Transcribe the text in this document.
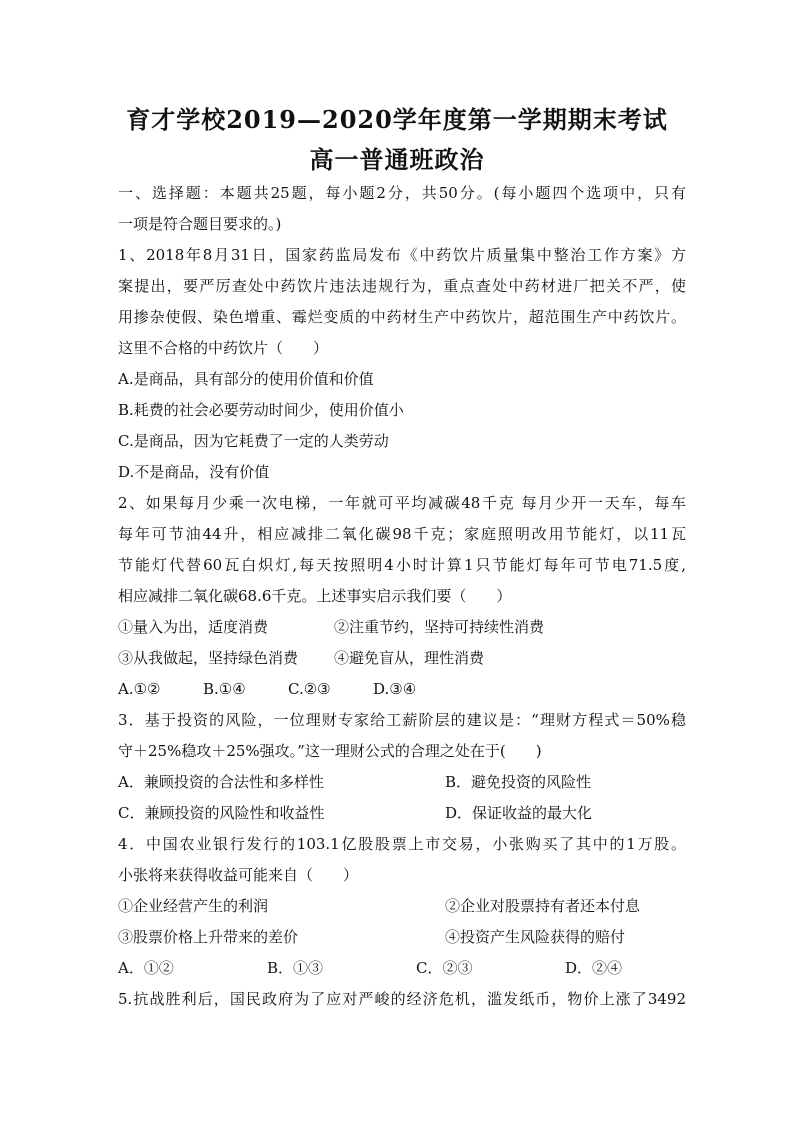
育才学校2019—2020学年度第一学期期末考试
高一普通班政治
一、选择题：本题共25题，每小题2分，共50分。(每小题四个选项中，只有
一项是符合题目要求的。)
1、2018年8月31日，国家药监局发布《中药饮片质量集中整治工作方案》方
案提出，要严厉查处中药饮片违法违规行为，重点查处中药材进厂把关不严，使
用掺杂使假、染色增重、霉烂变质的中药材生产中药饮片，超范围生产中药饮片。
这里不合格的中药饮片（　　）
A.是商品，具有部分的使用价值和价值
B.耗费的社会必要劳动时间少，使用价值小
C.是商品，因为它耗费了一定的人类劳动
D.不是商品，没有价值
2、如果每月少乘一次电梯，一年就可平均减碳48千克 每月少开一天车，每车
每年可节油44升，相应减排二氧化碳98千克；家庭照明改用节能灯，以11瓦
节能灯代替60瓦白炽灯,每天按照明4小时计算1只节能灯每年可节电71.5度,
相应减排二氧化碳68.6千克。上述事实启示我们要（　　）
①量入为出，适度消费	②注重节约，坚持可持续性消费
③从我做起，坚持绿色消费	④避免盲从，理性消费
A.①②	B.①④	C.②③	D.③④
3．基于投资的风险，一位理财专家给工薪阶层的建议是：“理财方程式＝50%稳
守＋25%稳攻＋25%强攻。”这一理财公式的合理之处在于(　　)
A．兼顾投资的合法性和多样性	B．避免投资的风险性
C．兼顾投资的风险性和收益性	D．保证收益的最大化
4．中国农业银行发行的103.1亿股股票上市交易，小张购买了其中的1万股。
小张将来获得收益可能来自（　　）
①企业经营产生的利润	②企业对股票持有者还本付息
③股票价格上升带来的差价	④投资产生风险获得的赔付
A．①②	B．①③	C．②③	D．②④
5.抗战胜利后，国民政府为了应对严峻的经济危机，滥发纸币，物价上涨了3492
